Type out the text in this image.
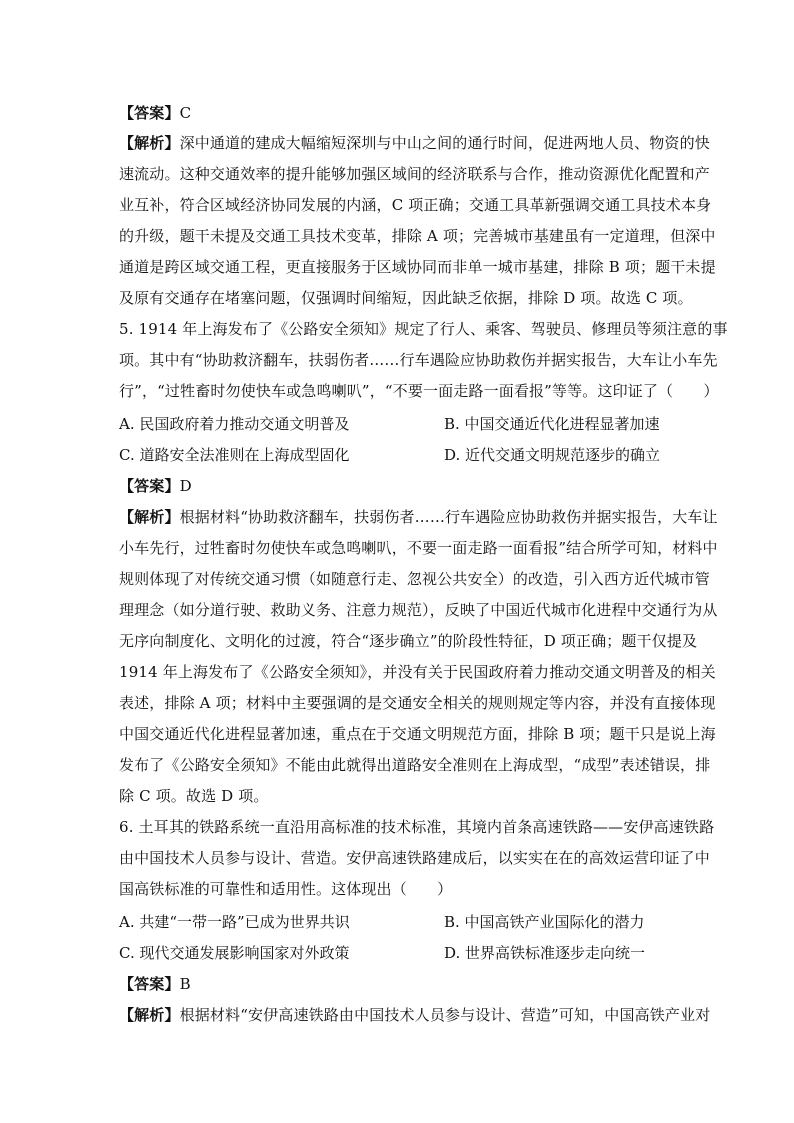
【答案】C
【解析】深中通道的建成大幅缩短深圳与中山之间的通行时间，促进两地人员、物资的快
速流动。这种交通效率的提升能够加强区域间的经济联系与合作，推动资源优化配置和产
业互补，符合区域经济协同发展的内涵，C 项正确；交通工具革新强调交通工具技术本身
的升级，题干未提及交通工具技术变革，排除 A 项；完善城市基建虽有一定道理，但深中
通道是跨区域交通工程，更直接服务于区域协同而非单一城市基建，排除 B 项；题干未提
及原有交通存在堵塞问题，仅强调时间缩短，因此缺乏依据，排除 D 项。故选 C 项。
5. 1914 年上海发布了《公路安全须知》规定了行人、乘客、驾驶员、修理员等须注意的事
项。其中有“协助救济翻车，扶弱伤者……行车遇险应协助救伤并据实报告，大车让小车先
行”，“过牲畜时勿使快车或急鸣喇叭”，“不要一面走路一面看报”等等。这印证了（　　）
A. 民国政府着力推动交通文明普及	B. 中国交通近代化进程显著加速
C. 道路安全法准则在上海成型固化	D. 近代交通文明规范逐步的确立
【答案】D
【解析】根据材料“协助救济翻车，扶弱伤者……行车遇险应协助救伤并据实报告，大车让
小车先行，过牲畜时勿使快车或急鸣喇叭，不要一面走路一面看报”结合所学可知，材料中
规则体现了对传统交通习惯（如随意行走、忽视公共安全）的改造，引入西方近代城市管
理理念（如分道行驶、救助义务、注意力规范），反映了中国近代城市化进程中交通行为从
无序向制度化、文明化的过渡，符合“逐步确立”的阶段性特征，D 项正确；题干仅提及
1914 年上海发布了《公路安全须知》，并没有关于民国政府着力推动交通文明普及的相关
表述，排除 A 项；材料中主要强调的是交通安全相关的规则规定等内容，并没有直接体现
中国交通近代化进程显著加速，重点在于交通文明规范方面，排除 B 项；题干只是说上海
发布了《公路安全须知》不能由此就得出道路安全准则在上海成型，“成型”表述错误，排
除 C 项。故选 D 项。
6. 土耳其的铁路系统一直沿用高标准的技术标准，其境内首条高速铁路——安伊高速铁路
由中国技术人员参与设计、营造。安伊高速铁路建成后，以实实在在的高效运营印证了中
国高铁标准的可靠性和适用性。这体现出（　　）
A. 共建“一带一路”已成为世界共识	B. 中国高铁产业国际化的潜力
C. 现代交通发展影响国家对外政策	D. 世界高铁标准逐步走向统一
【答案】B
【解析】根据材料“安伊高速铁路由中国技术人员参与设计、营造”可知，中国高铁产业对
